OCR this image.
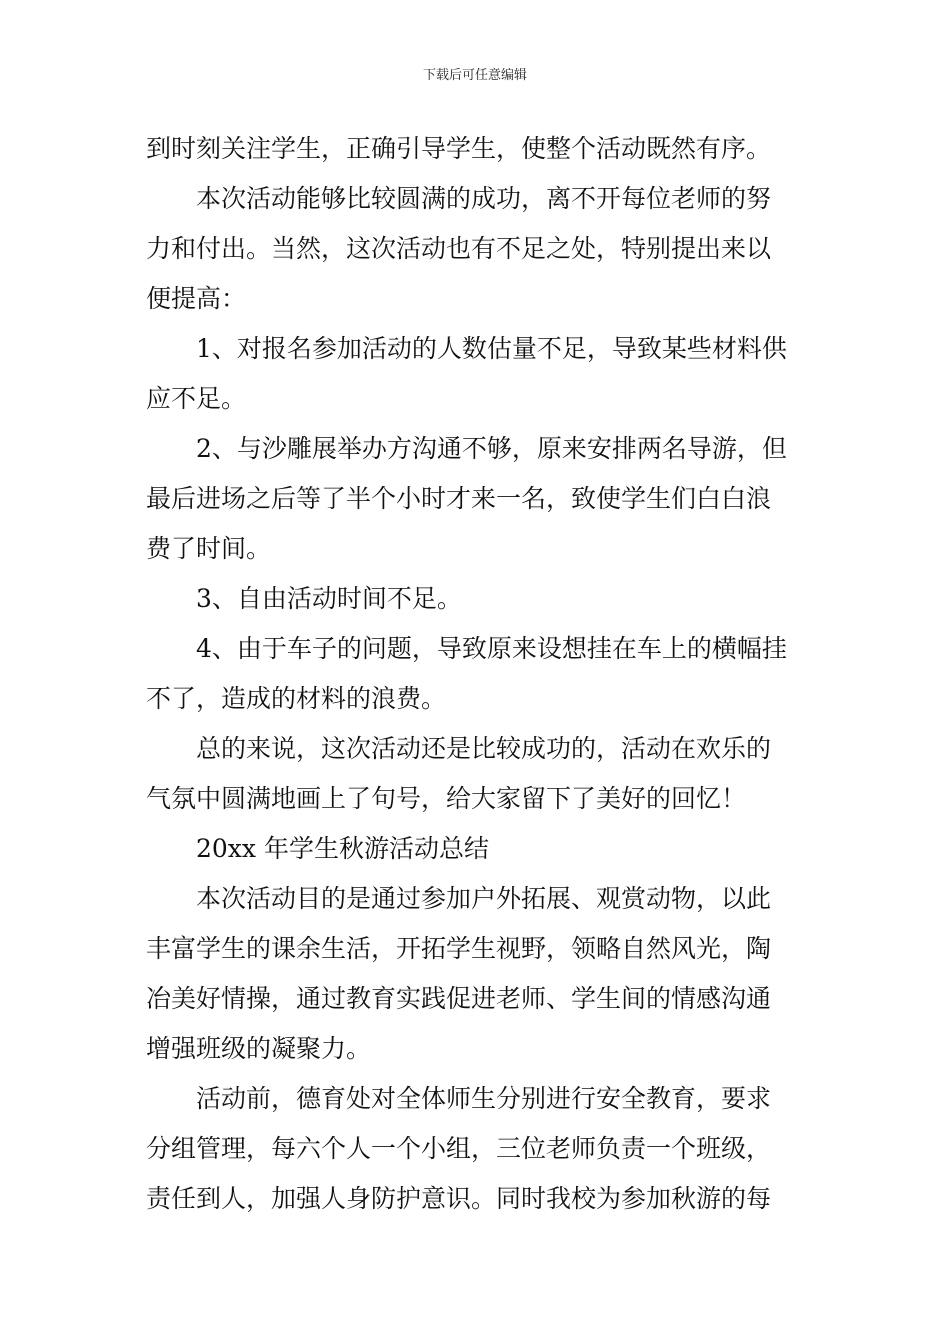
下载后可任意编辑
到时刻关注学生，正确引导学生，使整个活动既然有序。
本次活动能够比较圆满的成功，离不开每位老师的努
力和付出。当然，这次活动也有不足之处，特别提出来以
便提高：
1、对报名参加活动的人数估量不足，导致某些材料供
应不足。
2、与沙雕展举办方沟通不够，原来安排两名导游，但
最后进场之后等了半个小时才来一名，致使学生们白白浪
费了时间。
3、自由活动时间不足。
4、由于车子的问题，导致原来设想挂在车上的横幅挂
不了，造成的材料的浪费。
总的来说，这次活动还是比较成功的，活动在欢乐的
气氛中圆满地画上了句号，给大家留下了美好的回忆！
20xx 年学生秋游活动总结
本次活动目的是通过参加户外拓展、观赏动物，以此
丰富学生的课余生活，开拓学生视野，领略自然风光，陶
冶美好情操，通过教育实践促进老师、学生间的情感沟通
增强班级的凝聚力。
活动前，德育处对全体师生分别进行安全教育，要求
分组管理，每六个人一个小组，三位老师负责一个班级，
责任到人，加强人身防护意识。同时我校为参加秋游的每
